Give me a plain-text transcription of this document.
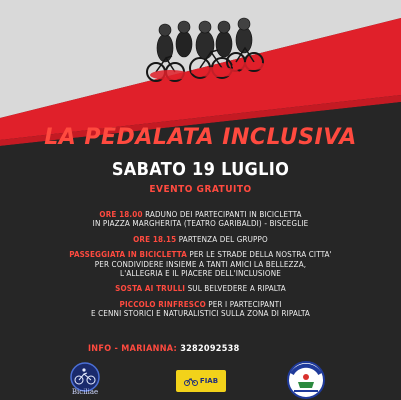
LA PEDALATA INCLUSIVA
SABATO 19 LUGLIO
EVENTO GRATUITO
ORE 18.00 RADUNO DEI PARTECIPANTI IN BICICLETTA
IN PIAZZA MARGHERITA (TEATRO GARIBALDI) - BISCEGLIE
ORE 18.15 PARTENZA DEL GRUPPO
PASSEGGIATA IN BICICLETTA PER LE STRADE DELLA NOSTRA CITTA'
PER CONDIVIDERE INSIEME A TANTI AMICI LA BELLEZZA,
L'ALLEGRIA E IL PIACERE DELL'INCLUSIONE
SOSTA AI TRULLI SUL BELVEDERE A RIPALTA
PICCOLO RINFRESCO PER I PARTECIPANTI
E CENNI STORICI E NATURALISTICI SULLA ZONA DI RIPALTA
INFO - MARIANNA: 3282092538
Biciliae
FIAB
